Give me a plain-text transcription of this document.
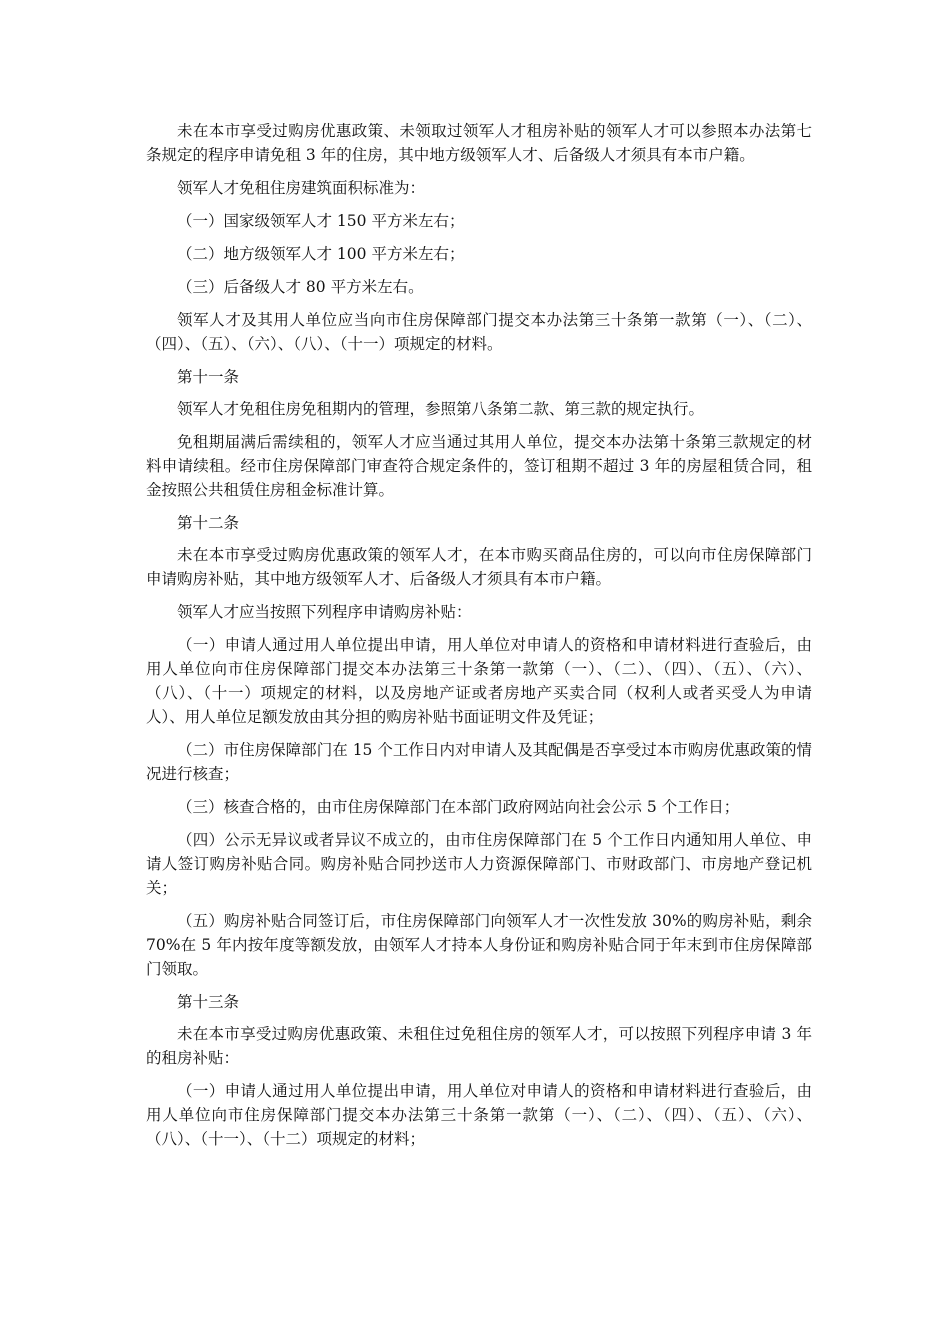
未在本市享受过购房优惠政策、未领取过领军人才租房补贴的领军人才可以参照本办法第七条规定的程序申请免租 3 年的住房，其中地方级领军人才、后备级人才须具有本市户籍。

领军人才免租住房建筑面积标准为：

（一）国家级领军人才 150 平方米左右；

（二）地方级领军人才 100 平方米左右；

（三）后备级人才 80 平方米左右。

领军人才及其用人单位应当向市住房保障部门提交本办法第三十条第一款第（一）、（二）、（四）、（五）、（六）、（八）、（十一）项规定的材料。

第十一条

领军人才免租住房免租期内的管理，参照第八条第二款、第三款的规定执行。

免租期届满后需续租的，领军人才应当通过其用人单位，提交本办法第十条第三款规定的材料申请续租。经市住房保障部门审查符合规定条件的，签订租期不超过 3 年的房屋租赁合同，租金按照公共租赁住房租金标准计算。

第十二条

未在本市享受过购房优惠政策的领军人才，在本市购买商品住房的，可以向市住房保障部门申请购房补贴，其中地方级领军人才、后备级人才须具有本市户籍。

领军人才应当按照下列程序申请购房补贴：

（一）申请人通过用人单位提出申请，用人单位对申请人的资格和申请材料进行查验后，由用人单位向市住房保障部门提交本办法第三十条第一款第（一）、（二）、（四）、（五）、（六）、（八）、（十一）项规定的材料，以及房地产证或者房地产买卖合同（权利人或者买受人为申请人）、用人单位足额发放由其分担的购房补贴书面证明文件及凭证；

（二）市住房保障部门在 15 个工作日内对申请人及其配偶是否享受过本市购房优惠政策的情况进行核查；

（三）核查合格的，由市住房保障部门在本部门政府网站向社会公示 5 个工作日；

（四）公示无异议或者异议不成立的，由市住房保障部门在 5 个工作日内通知用人单位、申请人签订购房补贴合同。购房补贴合同抄送市人力资源保障部门、市财政部门、市房地产登记机关；

（五）购房补贴合同签订后，市住房保障部门向领军人才一次性发放 30%的购房补贴，剩余 70%在 5 年内按年度等额发放，由领军人才持本人身份证和购房补贴合同于年末到市住房保障部门领取。

第十三条

未在本市享受过购房优惠政策、未租住过免租住房的领军人才，可以按照下列程序申请 3 年的租房补贴：

（一）申请人通过用人单位提出申请，用人单位对申请人的资格和申请材料进行查验后，由用人单位向市住房保障部门提交本办法第三十条第一款第（一）、（二）、（四）、（五）、（六）、（八）、（十一）、（十二）项规定的材料；
